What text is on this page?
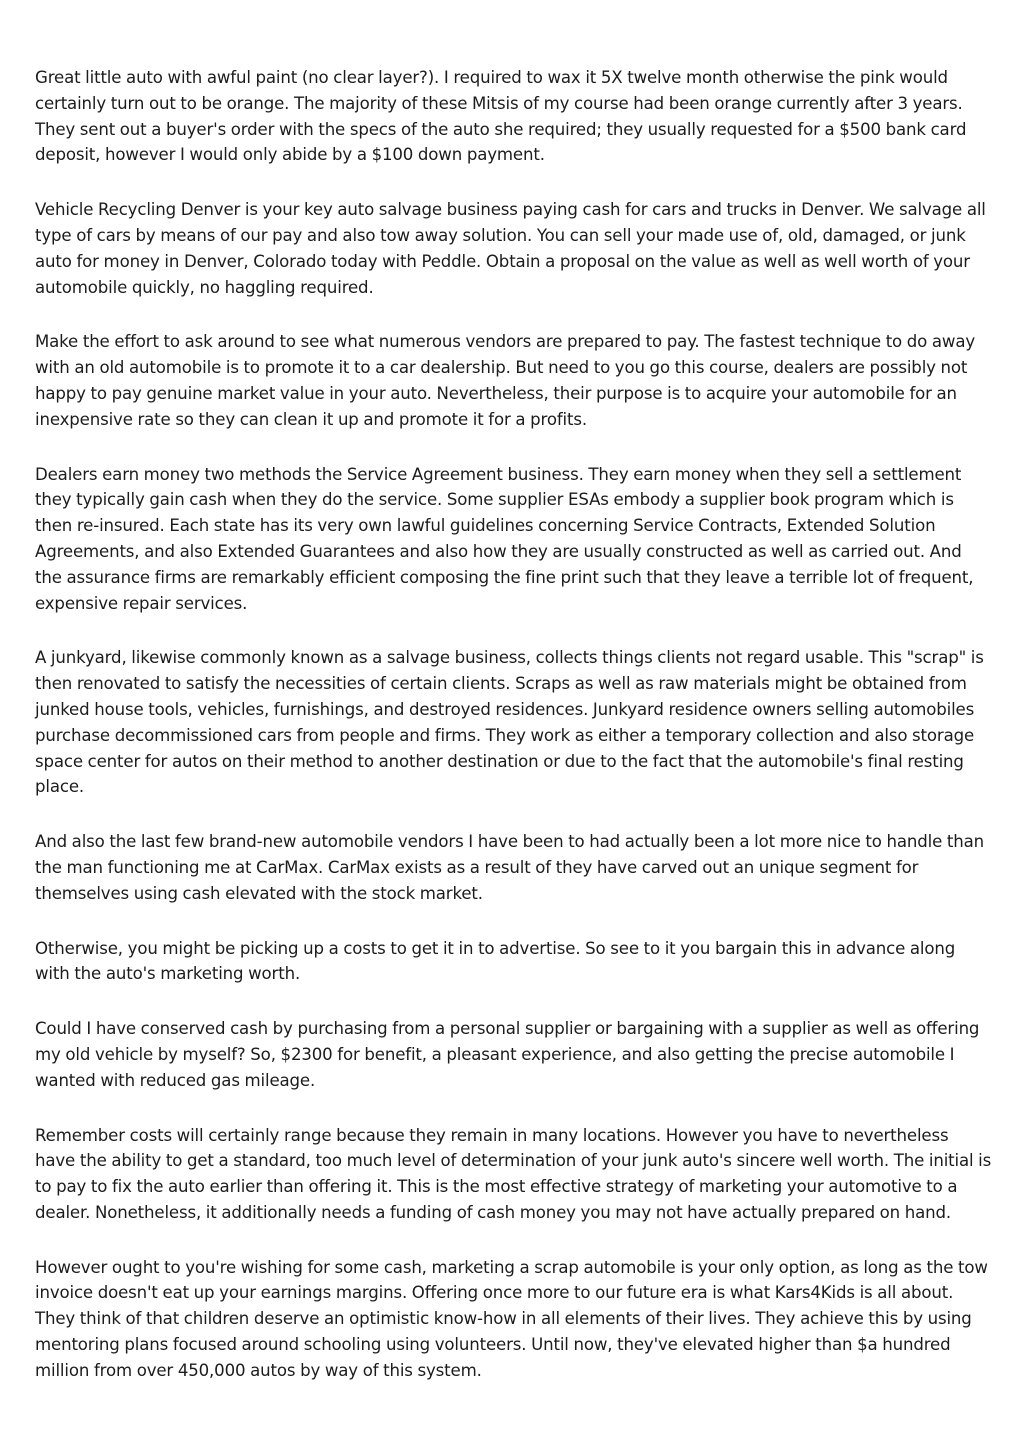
Great little auto with awful paint (no clear layer?). I required to wax it 5X twelve month otherwise the pink would certainly turn out to be orange. The majority of these Mitsis of my course had been orange currently after 3 years. They sent out a buyer's order with the specs of the auto she required; they usually requested for a $500 bank card deposit, however I would only abide by a $100 down payment.

Vehicle Recycling Denver is your key auto salvage business paying cash for cars and trucks in Denver. We salvage all type of cars by means of our pay and also tow away solution. You can sell your made use of, old, damaged, or junk auto for money in Denver, Colorado today with Peddle. Obtain a proposal on the value as well as well worth of your automobile quickly, no haggling required.

Make the effort to ask around to see what numerous vendors are prepared to pay. The fastest technique to do away with an old automobile is to promote it to a car dealership. But need to you go this course, dealers are possibly not happy to pay genuine market value in your auto. Nevertheless, their purpose is to acquire your automobile for an inexpensive rate so they can clean it up and promote it for a profits.

Dealers earn money two methods the Service Agreement business. They earn money when they sell a settlement they typically gain cash when they do the service. Some supplier ESAs embody a supplier book program which is then re-insured. Each state has its very own lawful guidelines concerning Service Contracts, Extended Solution Agreements, and also Extended Guarantees and also how they are usually constructed as well as carried out. And the assurance firms are remarkably efficient composing the fine print such that they leave a terrible lot of frequent, expensive repair services.

A junkyard, likewise commonly known as a salvage business, collects things clients not regard usable. This "scrap" is then renovated to satisfy the necessities of certain clients. Scraps as well as raw materials might be obtained from junked house tools, vehicles, furnishings, and destroyed residences. Junkyard residence owners selling automobiles purchase decommissioned cars from people and firms. They work as either a temporary collection and also storage space center for autos on their method to another destination or due to the fact that the automobile's final resting place.

And also the last few brand-new automobile vendors I have been to had actually been a lot more nice to handle than the man functioning me at CarMax. CarMax exists as a result of they have carved out an unique segment for themselves using cash elevated with the stock market.

Otherwise, you might be picking up a costs to get it in to advertise. So see to it you bargain this in advance along with the auto's marketing worth.

Could I have conserved cash by purchasing from a personal supplier or bargaining with a supplier as well as offering my old vehicle by myself? So, $2300 for benefit, a pleasant experience, and also getting the precise automobile I wanted with reduced gas mileage.

Remember costs will certainly range because they remain in many locations. However you have to nevertheless have the ability to get a standard, too much level of determination of your junk auto's sincere well worth. The initial is to pay to fix the auto earlier than offering it. This is the most effective strategy of marketing your automotive to a dealer. Nonetheless, it additionally needs a funding of cash money you may not have actually prepared on hand.

However ought to you're wishing for some cash, marketing a scrap automobile is your only option, as long as the tow invoice doesn't eat up your earnings margins. Offering once more to our future era is what Kars4Kids is all about. They think of that children deserve an optimistic know-how in all elements of their lives. They achieve this by using mentoring plans focused around schooling using volunteers. Until now, they've elevated higher than $a hundred million from over 450,000 autos by way of this system.
